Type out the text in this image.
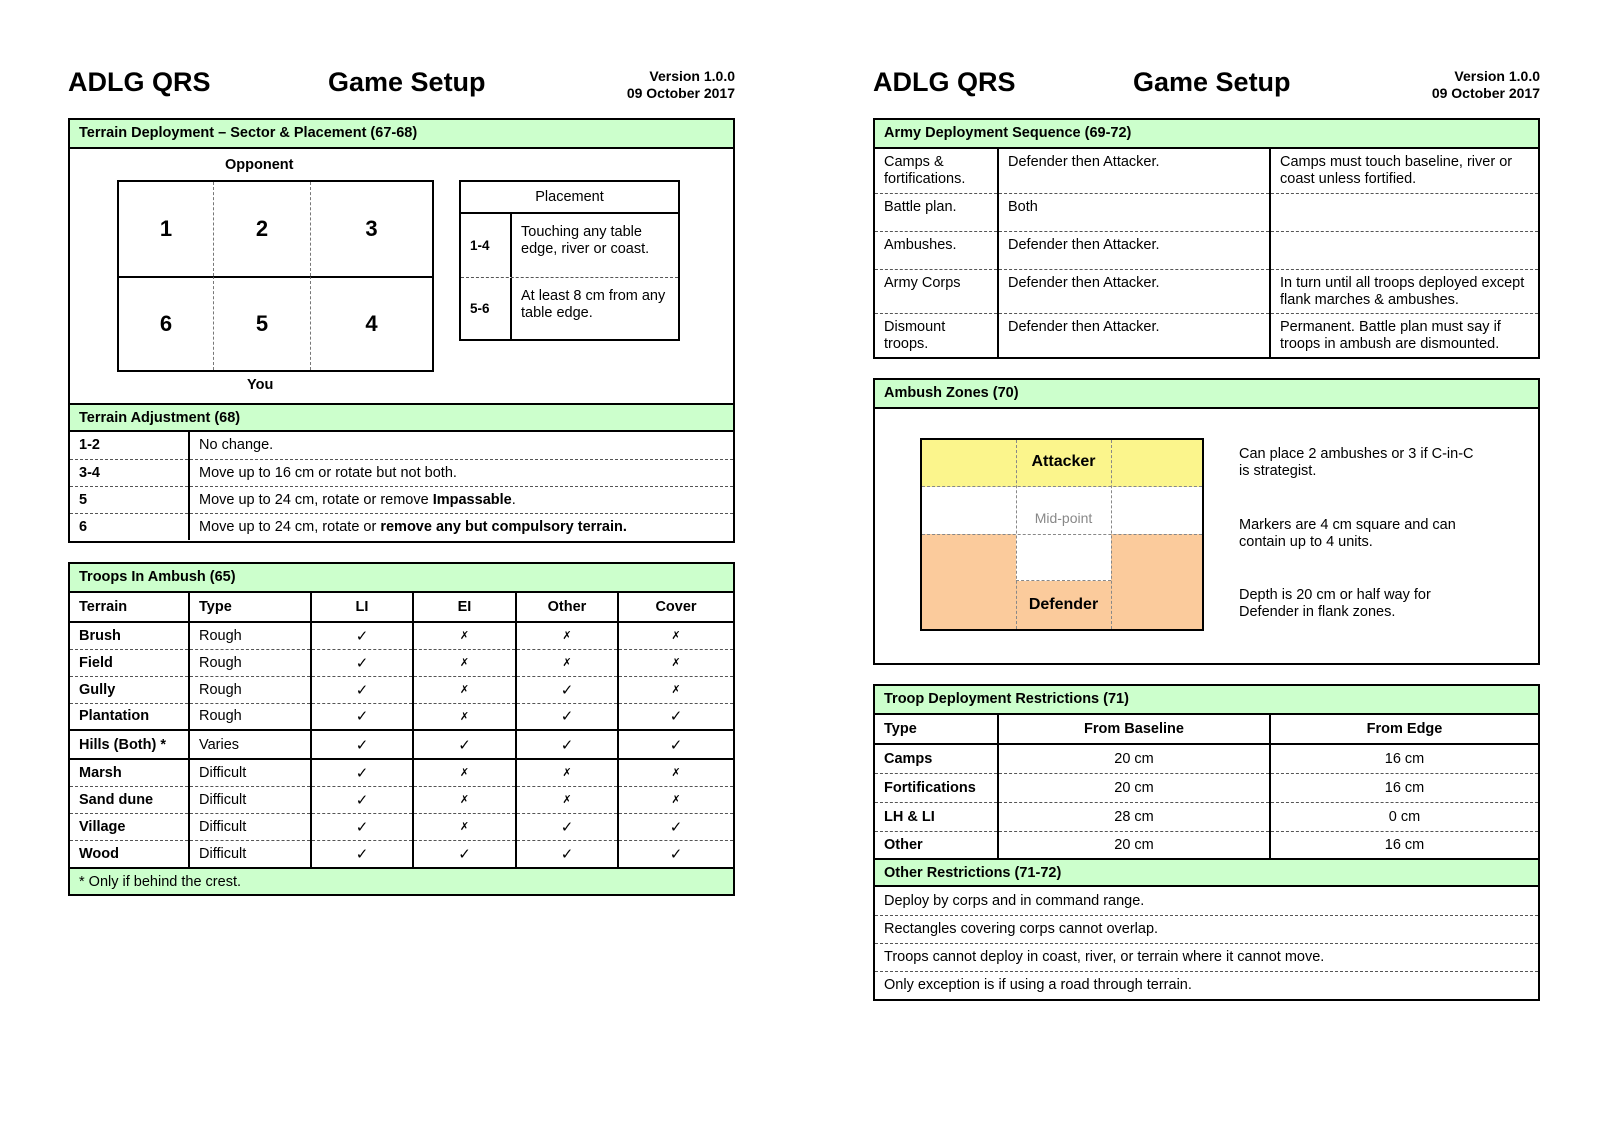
ADLG QRS	Game Setup	Version 1.0.0
09 October 2017
Terrain Deployment – Sector & Placement (67-68)
Opponent
1	2	3
6	5	4
You
Placement
1-4
Touching any table edge, river or coast.
5-6
At least 8 cm from any table edge.
Terrain Adjustment (68)
1-2	No change.
3-4	Move up to 16 cm or rotate but not both.
5	Move up to 24 cm, rotate or remove Impassable.
6	Move up to 24 cm, rotate or remove any but compulsory terrain.
Troops In Ambush (65)
Terrain	Type	LI	EI	Other	Cover
Brush	Rough	✓	✗	✗	✗
Field	Rough	✓	✗	✗	✗
Gully	Rough	✓	✗	✓	✗
Plantation	Rough	✓	✗	✓	✓
Hills (Both) *	Varies	✓	✓	✓	✓
Marsh	Difficult	✓	✗	✗	✗
Sand dune	Difficult	✓	✗	✗	✗
Village	Difficult	✓	✗	✓	✓
Wood	Difficult	✓	✓	✓	✓
* Only if behind the crest.
ADLG QRS	Game Setup	Version 1.0.0
09 October 2017
Army Deployment Sequence (69-72)
Camps & fortifications.	Defender then Attacker.	Camps must touch baseline, river or coast unless fortified.
Battle plan.	Both	
Ambushes.	Defender then Attacker.	
Army Corps	Defender then Attacker.	In turn until all troops deployed except flank marches & ambushes.
Dismount troops.	Defender then Attacker.	Permanent. Battle plan must say if troops in ambush are dismounted.
Ambush Zones (70)
Attacker
Mid-point
Defender
Can place 2 ambushes or 3 if C-in-C is strategist.
Markers are 4 cm square and can contain up to 4 units.
Depth is 20 cm or half way for Defender in flank zones.
Troop Deployment Restrictions (71)
Type	From Baseline	From Edge
Camps	20 cm	16 cm
Fortifications	20 cm	16 cm
LH & LI	28 cm	0 cm
Other	20 cm	16 cm
Other Restrictions (71-72)
Deploy by corps and in command range.
Rectangles covering corps cannot overlap.
Troops cannot deploy in coast, river, or terrain where it cannot move.
Only exception is if using a road through terrain.
